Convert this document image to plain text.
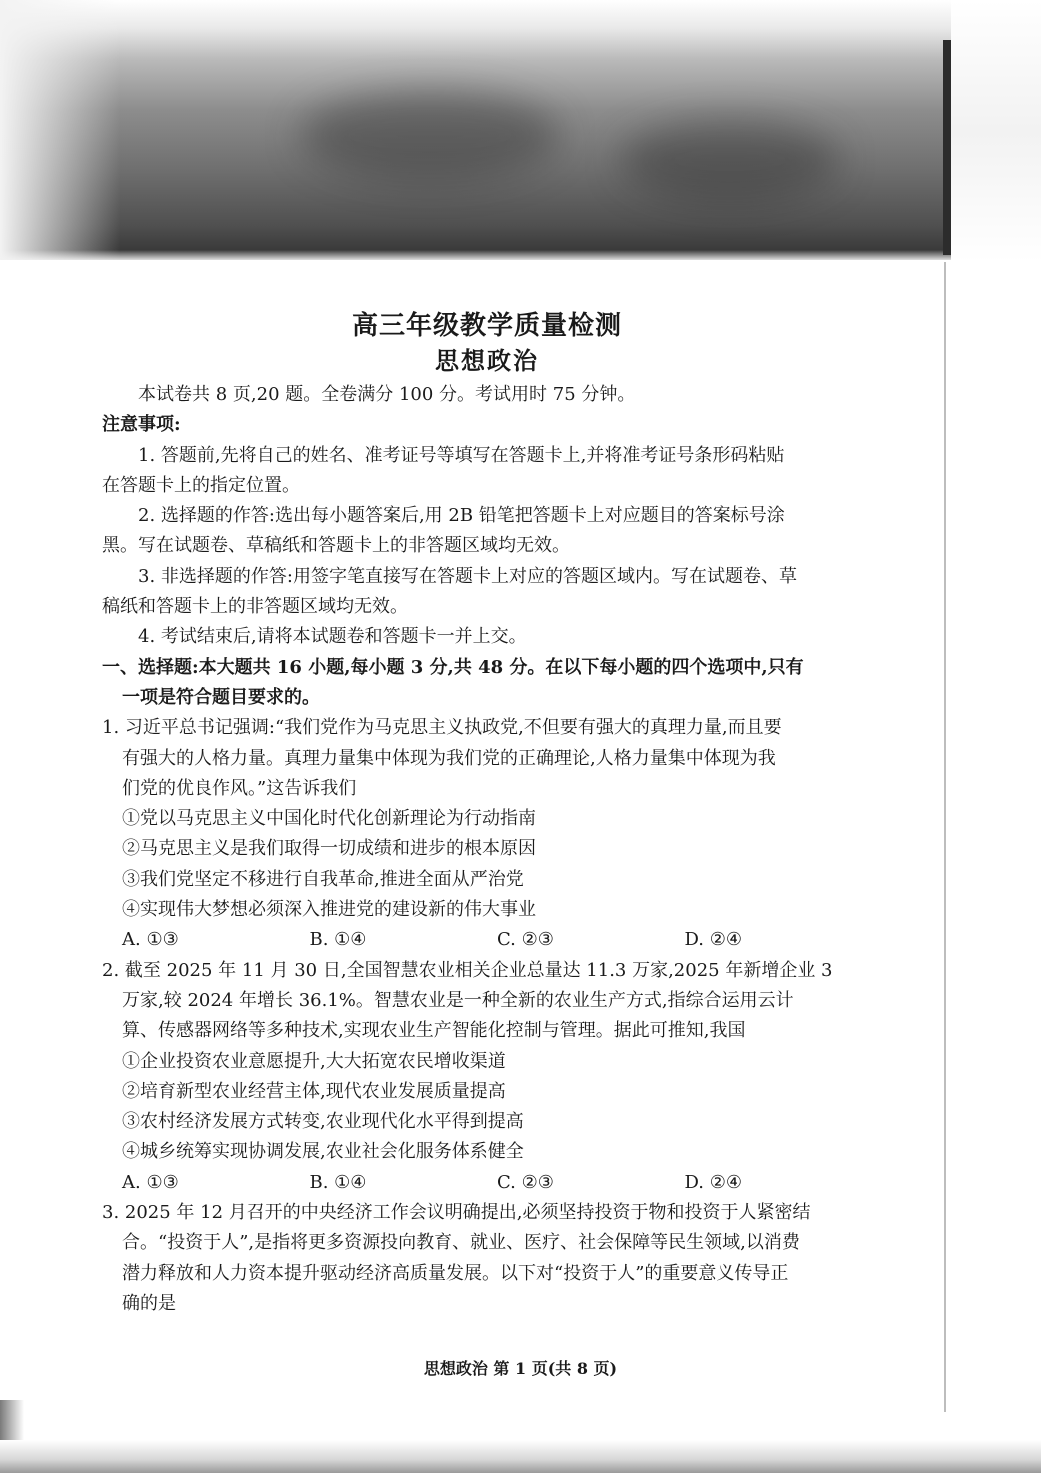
高三年级教学质量检测
思想政治

本试卷共 8 页,20 题。全卷满分 100 分。考试用时 75 分钟。

注意事项:

1. 答题前,先将自己的姓名、准考证号等填写在答题卡上,并将准考证号条形码粘贴

在答题卡上的指定位置。

2. 选择题的作答:选出每小题答案后,用 2B 铅笔把答题卡上对应题目的答案标号涂

黑。写在试题卷、草稿纸和答题卡上的非答题区域均无效。

3. 非选择题的作答:用签字笔直接写在答题卡上对应的答题区域内。写在试题卷、草

稿纸和答题卡上的非答题区域均无效。

4. 考试结束后,请将本试题卷和答题卡一并上交。

一、选择题:本大题共 16 小题,每小题 3 分,共 48 分。在以下每小题的四个选项中,只有

一项是符合题目要求的。

1. 习近平总书记强调:“我们党作为马克思主义执政党,不但要有强大的真理力量,而且要

有强大的人格力量。真理力量集中体现为我们党的正确理论,人格力量集中体现为我

们党的优良作风。”这告诉我们

①党以马克思主义中国化时代化创新理论为行动指南

②马克思主义是我们取得一切成绩和进步的根本原因

③我们党坚定不移进行自我革命,推进全面从严治党

④实现伟大梦想必须深入推进党的建设新的伟大事业

A. ①③	B. ①④	C. ②③	D. ②④

2. 截至 2025 年 11 月 30 日,全国智慧农业相关企业总量达 11.3 万家,2025 年新增企业 3

万家,较 2024 年增长 36.1%。智慧农业是一种全新的农业生产方式,指综合运用云计

算、传感器网络等多种技术,实现农业生产智能化控制与管理。据此可推知,我国

①企业投资农业意愿提升,大大拓宽农民增收渠道

②培育新型农业经营主体,现代农业发展质量提高

③农村经济发展方式转变,农业现代化水平得到提高

④城乡统筹实现协调发展,农业社会化服务体系健全

A. ①③	B. ①④	C. ②③	D. ②④

3. 2025 年 12 月召开的中央经济工作会议明确提出,必须坚持投资于物和投资于人紧密结

合。“投资于人”,是指将更多资源投向教育、就业、医疗、社会保障等民生领域,以消费

潜力释放和人力资本提升驱动经济高质量发展。以下对“投资于人”的重要意义传导正

确的是

思想政治 第 1 页(共 8 页)
